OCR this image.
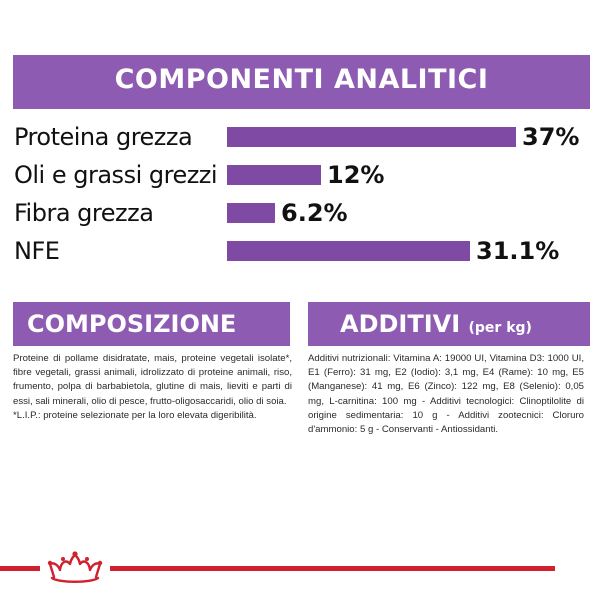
COMPONENTI ANALITICI
Proteina grezza	37%
Oli e grassi grezzi	12%
Fibra grezza	6.2%
NFE	31.1%
COMPOSIZIONE	ADDITIVI (per kg)

Proteine di pollame disidratate, mais, proteine vegetali isolate*, fibre vegetali, grassi animali, idrolizzato di proteine animali, riso, frumento, polpa di barbabietola, glutine di mais, lieviti e parti di essi, sali minerali, olio di pesce, frutto-oligosaccaridi, olio di soia.

*L.I.P.: proteine selezionate per la loro elevata digeribilità.

Additivi nutrizionali: Vitamina A: 19000 UI, Vitamina D3: 1000 UI, E1 (Ferro): 31 mg, E2 (Iodio): 3,1 mg, E4 (Rame): 10 mg, E5 (Manganese): 41 mg, E6 (Zinco): 122 mg, E8 (Selenio): 0,05 mg, L-carnitina: 100 mg - Additivi tecnologici: Clinoptilolite di origine sedimentaria: 10 g - Additivi zootecnici: Cloruro d'ammonio: 5 g - Conservanti - Antiossidanti.
